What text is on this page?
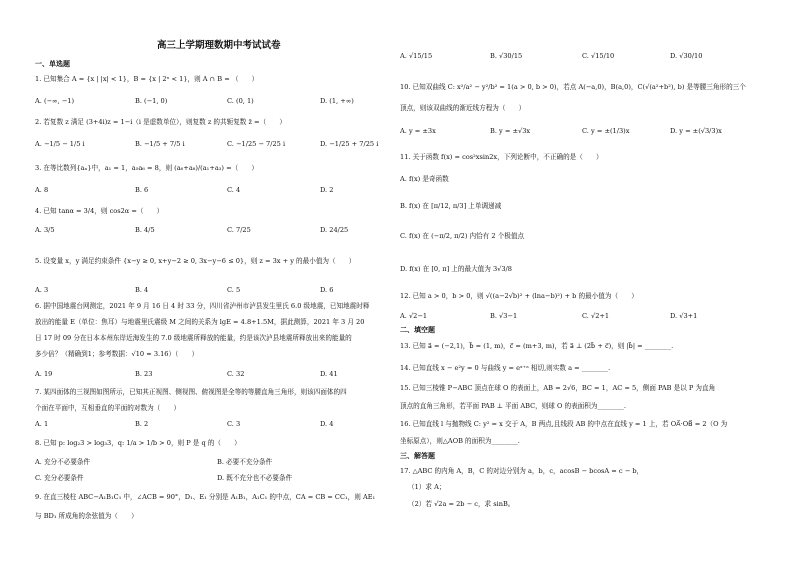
高三上学期理数期中考试试卷
一、单选题
1. 已知集合 A = {x | |x| < 1}，B = {x | 2ˣ < 1}，则 A ∩ B = （　　）
A. (−∞, −1)	B. (−1, 0)	C. (0, 1)	D. (1, +∞)
2. 若复数 z 满足 (3+4i)z = 1−i（i 是虚数单位），则复数 z 的共轭复数 z̄ =（　　）
A. −1/5 − 1/5 i	B. −1/5 + 7/5 i	C. −1/25 − 7/25 i	D. −1/25 + 7/25 i
3. 在等比数列{aₙ}中，a₁ = 1，a₅a₆ = 8，则 (a₆+a₈)/(a₁+a₃) =（　　）
A. 8	B. 6	C. 4	D. 2
4. 已知 tanα = 3/4，则 cos2α =（　　）
A. 3/5	B. 4/5	C. 7/25	D. 24/25
5. 设变量 x，y 满足约束条件 {x−y ≥ 0, x+y−2 ≥ 0, 3x−y−6 ≤ 0}，则 z = 3x + y 的最小值为（　　）
A. 3	B. 4	C. 5	D. 6
6. 据中国地震台网测定，2021 年 9 月 16 日 4 时 33 分，四川省泸州市泸县发生里氏 6.0 级地震，已知地震时释
放出的能量 E（单位：焦耳）与地震里氏震级 M 之间的关系为 lgE = 4.8+1.5M，据此测算，2021 年 3 月 20
日 17 时 09 分在日本本州东岸近海发生的 7.0 级地震所释放的能量，约是该次泸县地震所释放出来的能量的
多少倍？（精确到1；参考数据：√10 ≈ 3.16）（　　）
A. 19	B. 23	C. 32	D. 41
7. 某四面体的三视图如图所示，已知其正视图、侧视图、俯视图是全等的等腰直角三角形，则该四面体的四
个面在平面中，互相垂直的平面的对数为（　　）
A. 1	B. 2	C. 3	D. 4
8. 已知 p: log₂3 > log₃3，q: 1/a > 1/b > 0，则 P 是 q 的（　　）
A. 充分不必要条件	B. 必要不充分条件
C. 充分必要条件	D. 既不充分也不必要条件
9. 在直三棱柱 ABC−A₁B₁C₁ 中，∠ACB = 90°，D₁、E₁ 分别是 A₁B₁，A₁C₁ 的中点，CA = CB = CC₁，则 AE₁
与 BD₁ 所成角的余弦值为（　　）
A. √15/15	B. √30/15	C. √15/10	D. √30/10
10. 已知双曲线 C: x²/a² − y²/b² = 1(a > 0, b > 0)，若点 A(−a,0)，B(a,0)，C(√(a²+b²), b) 是等腰三角形的三个
顶点，则该双曲线的渐近线方程为（　　）
A. y = ±3x	B. y = ±√3x	C. y = ±(1/3)x	D. y = ±(√3/3)x
11. 关于函数 f(x) = cos²xsin2x，下列论断中，不正确的是（　　）
A. f(x) 是奇函数
B. f(x) 在 [π/12, π/3] 上单调递减
C. f(x) 在 (−π/2, π/2) 内恰有 2 个极值点
D. f(x) 在 [0, π] 上的最大值为 3√3/8
12. 已知 a > 0，b > 0，则 √((a−2√b)² + (lna−b)²) + b 的最小值为（　　）
A. √2−1	B. √3−1	C. √2+1	D. √3+1
二、填空题
13. 已知 a⃗ = (−2,1)，b⃗ = (1, m)，c⃗ = (m+3, m)，若 a⃗ ⊥ (2b⃗ + c⃗)，则 |b⃗| = ________.
14. 已知直线 x − e²y = 0 与曲线 y = eˣ⁺ᵃ 相切,则实数 a = ________.
15. 已知三棱锥 P−ABC 顶点在球 O 的表面上，AB = 2√6，BC = 1，AC = 5，侧面 PAB 是以 P 为直角
顶点的直角三角形，若平面 PAB ⊥ 平面 ABC，则球 O 的表面积为________.
16. 已知直线 l 与抛物线 C: y² = x 交于 A，B 两点,且线段 AB 的中点在直线 y = 1 上，若 OA⃗·OB⃗ = 2（O 为
坐标原点），则△AOB 的面积为________.
三、解答题
17. △ABC 的内角 A，B，C 的对边分别为 a，b，c，acosB − bcosA = c − b，
（1）求 A；
（2）若 √2a = 2b − c，求 sinB。
